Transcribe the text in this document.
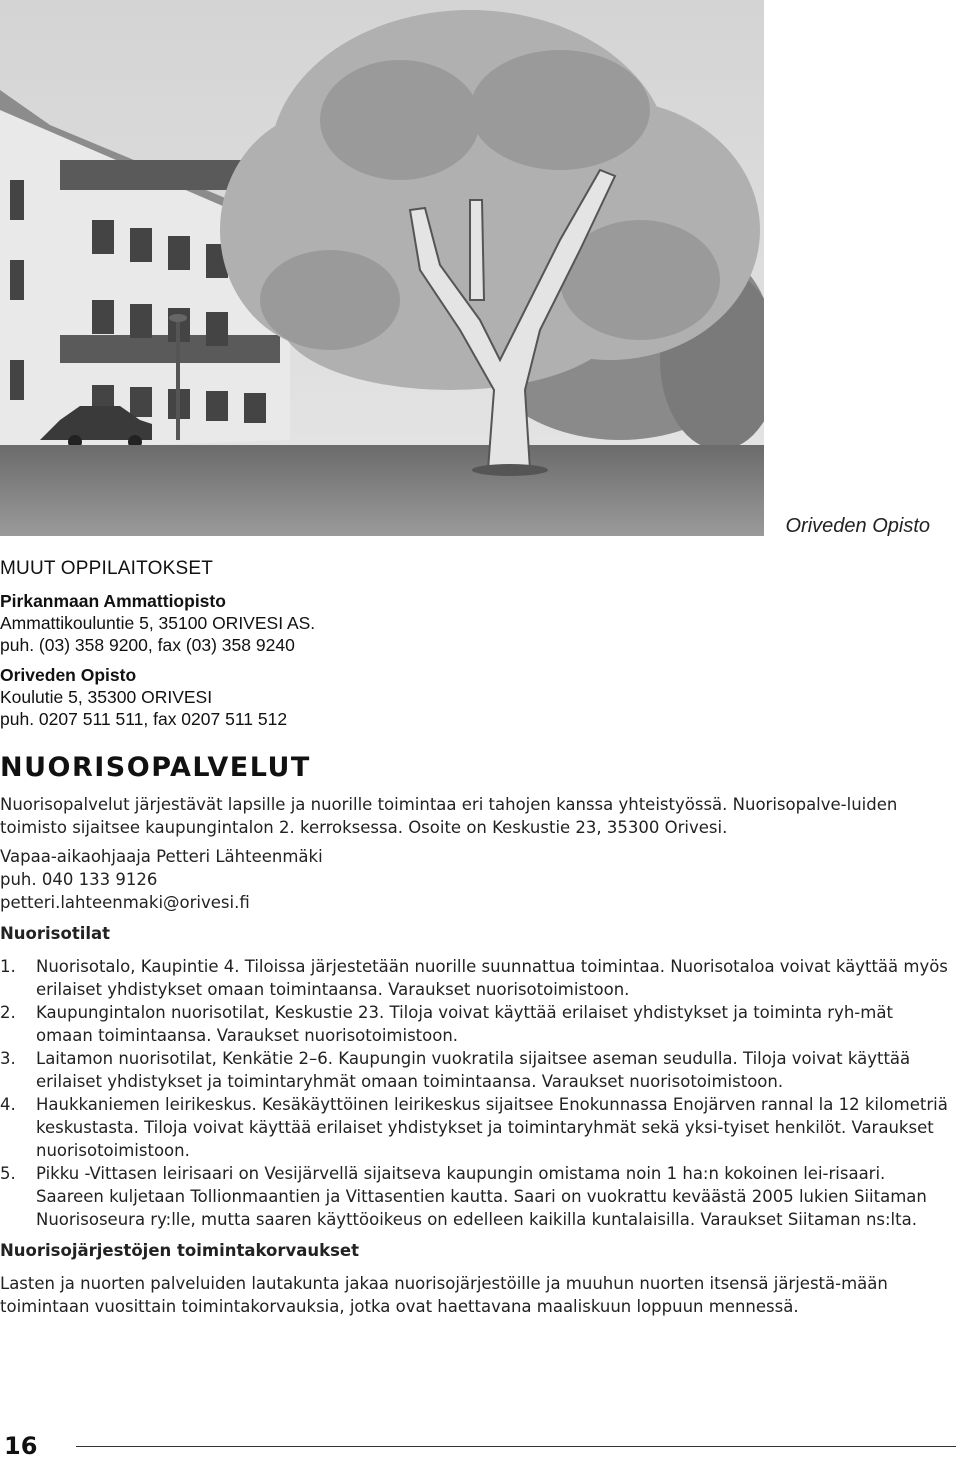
Oriveden Opisto
MUUT OPPILAITOKSET
Pirkanmaan Ammattiopisto
Ammattikouluntie 5, 35100 ORIVESI AS.
puh. (03) 358 9200, fax (03) 358 9240
Oriveden Opisto
Koulutie 5, 35300 ORIVESI
puh. 0207 511 511, fax 0207 511 512
NUORISOPALVELUT

Nuorisopalvelut järjestävät lapsille ja nuorille toimintaa eri tahojen kanssa yhteistyössä. Nuorisopalve-luiden toimisto sijaitsee kaupungintalon 2. kerroksessa. Osoite on Keskustie 23, 35300 Orivesi.

Vapaa-aikaohjaaja Petteri Lähteenmäki
puh. 040 133 9126
petteri.lahteenmaki@orivesi.fi
Nuorisotilat
1. Nuorisotalo, Kaupintie 4. Tiloissa järjestetään nuorille suunnattua toimintaa. Nuorisotaloa voivat käyttää myös erilaiset yhdistykset omaan toimintaansa. Varaukset nuorisotoimistoon.
2. Kaupungintalon nuorisotilat, Keskustie 23. Tiloja voivat käyttää erilaiset yhdistykset ja toiminta ryh-mät omaan toimintaansa. Varaukset nuorisotoimistoon.
3. Laitamon nuorisotilat, Kenkätie 2–6. Kaupungin vuokratila sijaitsee aseman seudulla. Tiloja voivat käyttää erilaiset yhdistykset ja toimintaryhmät omaan toimintaansa. Varaukset nuorisotoimistoon.
4. Haukkaniemen leirikeskus. Kesäkäyttöinen leirikeskus sijaitsee Enokunnassa Enojärven rannal la 12 kilometriä keskustasta. Tiloja voivat käyttää erilaiset yhdistykset ja toimintaryhmät sekä yksi-tyiset henkilöt. Varaukset nuorisotoimistoon.
5. Pikku -Vittasen leirisaari on Vesijärvellä sijaitseva kaupungin omistama noin 1 ha:n kokoinen lei-risaari. Saareen kuljetaan Tollionmaantien ja Vittasentien kautta. Saari on vuokrattu keväästä 2005 lukien Siitaman Nuorisoseura ry:lle, mutta saaren käyttöoikeus on edelleen kaikilla kuntalaisilla. Varaukset Siitaman ns:lta.
Nuorisojärjestöjen toimintakorvaukset

Lasten ja nuorten palveluiden lautakunta jakaa nuorisojärjestöille ja muuhun nuorten itsensä järjestä-mään toimintaan vuosittain toimintakorvauksia, jotka ovat haettavana maaliskuun loppuun mennessä.

16
